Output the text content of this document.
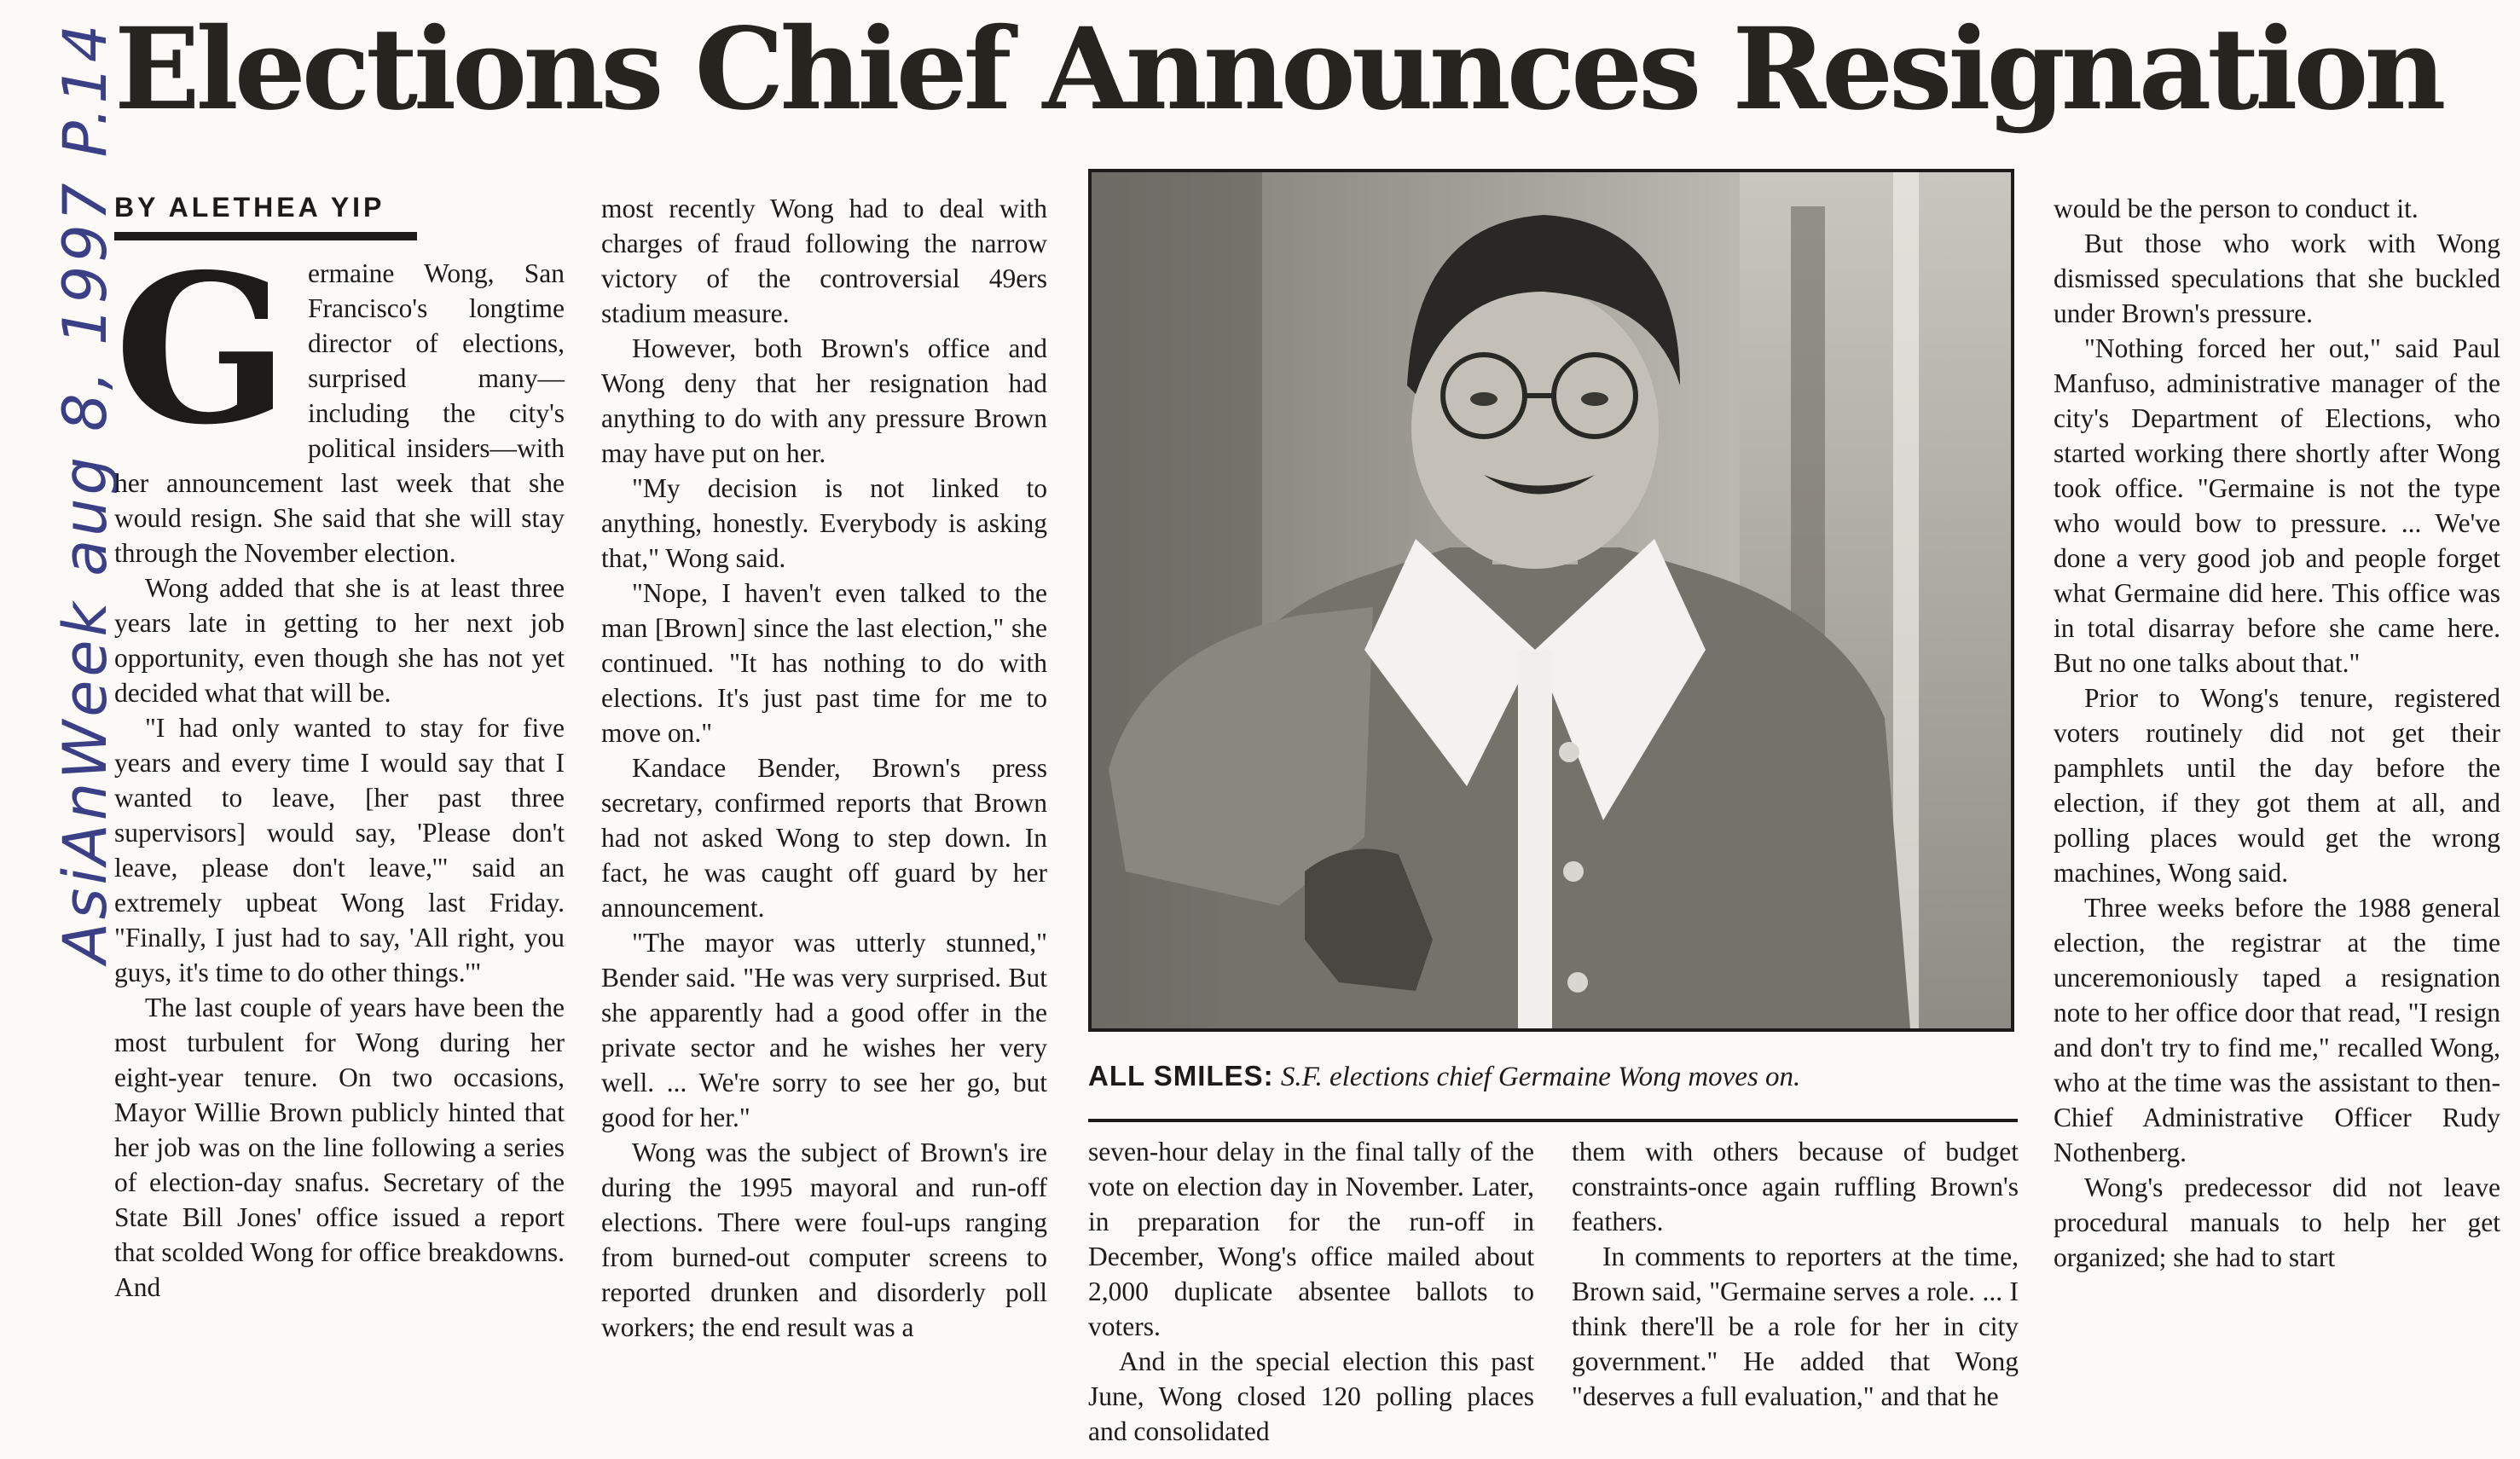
Elections Chief Announces Resignation
AsiAnWeek aug 8, 1997 P.14
BY ALETHEA YIP
G ermaine Wong, San Francisco's longtime director of elections, surprised many—including the city's political insiders—with her announcement last week that she would resign. She said that she will stay through the November election.

Wong added that she is at least three years late in getting to her next job opportunity, even though she has not yet decided what that will be.

"I had only wanted to stay for five years and every time I would say that I wanted to leave, [her past three supervisors] would say, 'Please don't leave, please don't leave,'" said an extremely upbeat Wong last Friday. "Finally, I just had to say, 'All right, you guys, it's time to do other things.'"

The last couple of years have been the most turbulent for Wong during her eight-year tenure. On two occasions, Mayor Willie Brown publicly hinted that her job was on the line following a series of election-day snafus. Secretary of the State Bill Jones' office issued a report that scolded Wong for office breakdowns. And

most recently Wong had to deal with charges of fraud following the narrow victory of the controversial 49ers stadium measure.

However, both Brown's office and Wong deny that her resignation had anything to do with any pressure Brown may have put on her.

"My decision is not linked to anything, honestly. Everybody is asking that," Wong said.

"Nope, I haven't even talked to the man [Brown] since the last election," she continued. "It has nothing to do with elections. It's just past time for me to move on."

Kandace Bender, Brown's press secretary, confirmed reports that Brown had not asked Wong to step down. In fact, he was caught off guard by her announcement.

"The mayor was utterly stunned," Bender said. "He was very surprised. But she apparently had a good offer in the private sector and he wishes her very well. ... We're sorry to see her go, but good for her."

Wong was the subject of Brown's ire during the 1995 mayoral and run-off elections. There were foul-ups ranging from burned-out computer screens to reported drunken and disorderly poll workers; the end result was a

ALL SMILES: S.F. elections chief Germaine Wong moves on.

seven-hour delay in the final tally of the vote on election day in November. Later, in preparation for the run-off in December, Wong's office mailed about 2,000 duplicate absentee ballots to voters.

And in the special election this past June, Wong closed 120 polling places and consolidated

them with others because of budget constraints-once again ruffling Brown's feathers.

In comments to reporters at the time, Brown said, "Germaine serves a role. ... I think there'll be a role for her in city government." He added that Wong "deserves a full evaluation," and that he

would be the person to conduct it.

But those who work with Wong dismissed speculations that she buckled under Brown's pressure.

"Nothing forced her out," said Paul Manfuso, administrative manager of the city's Department of Elections, who started working there shortly after Wong took office. "Germaine is not the type who would bow to pressure. ... We've done a very good job and people forget what Germaine did here. This office was in total disarray before she came here. But no one talks about that."

Prior to Wong's tenure, registered voters routinely did not get their pamphlets until the day before the election, if they got them at all, and polling places would get the wrong machines, Wong said.

Three weeks before the 1988 general election, the registrar at the time unceremoniously taped a resignation note to her office door that read, "I resign and don't try to find me," recalled Wong, who at the time was the assistant to then-Chief Administrative Officer Rudy Nothenberg.

Wong's predecessor did not leave procedural manuals to help her get organized; she had to start
